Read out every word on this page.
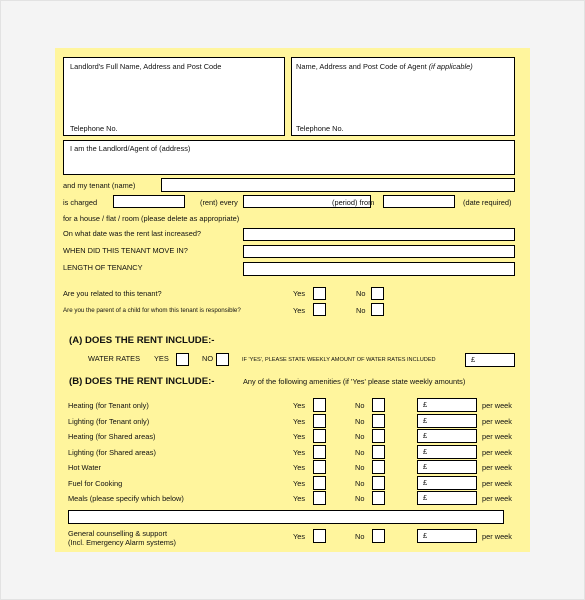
Landlord's Full Name, Address and Post Code
Telephone No.
Name, Address and Post Code of Agent (if applicable)
Telephone No.
I am the Landlord/Agent of (address)
and my tenant (name)
is charged	(rent) every	(period) from	(date required)
for a house / flat / room (please delete as appropriate)
On what date was the rent last increased?
WHEN DID THIS TENANT MOVE IN?
LENGTH OF TENANCY
Are you related to this tenant?	Yes	No
Are you the parent of a child for whom this tenant is responsible?	Yes	No
(A) DOES THE RENT INCLUDE:-
WATER RATES YES	NO	IF 'YES', PLEASE STATE WEEKLY AMOUNT OF WATER RATES INCLUDED	£
(B) DOES THE RENT INCLUDE:-	Any of the following amenities (if 'Yes' please state weekly amounts)
Heating (for Tenant only)	Yes	No	£	per week
Lighting (for Tenant only)	Yes	No	£	per week
Heating (for Shared areas)	Yes	No	£	per week
Lighting (for Shared areas)	Yes	No	£	per week
Hot Water	Yes	No	£	per week
Fuel for Cooking	Yes	No	£	per week
Meals (please specify which below)	Yes	No	£	per week
General counselling & support
(Incl. Emergency Alarm systems)
Yes	No	£	per week
